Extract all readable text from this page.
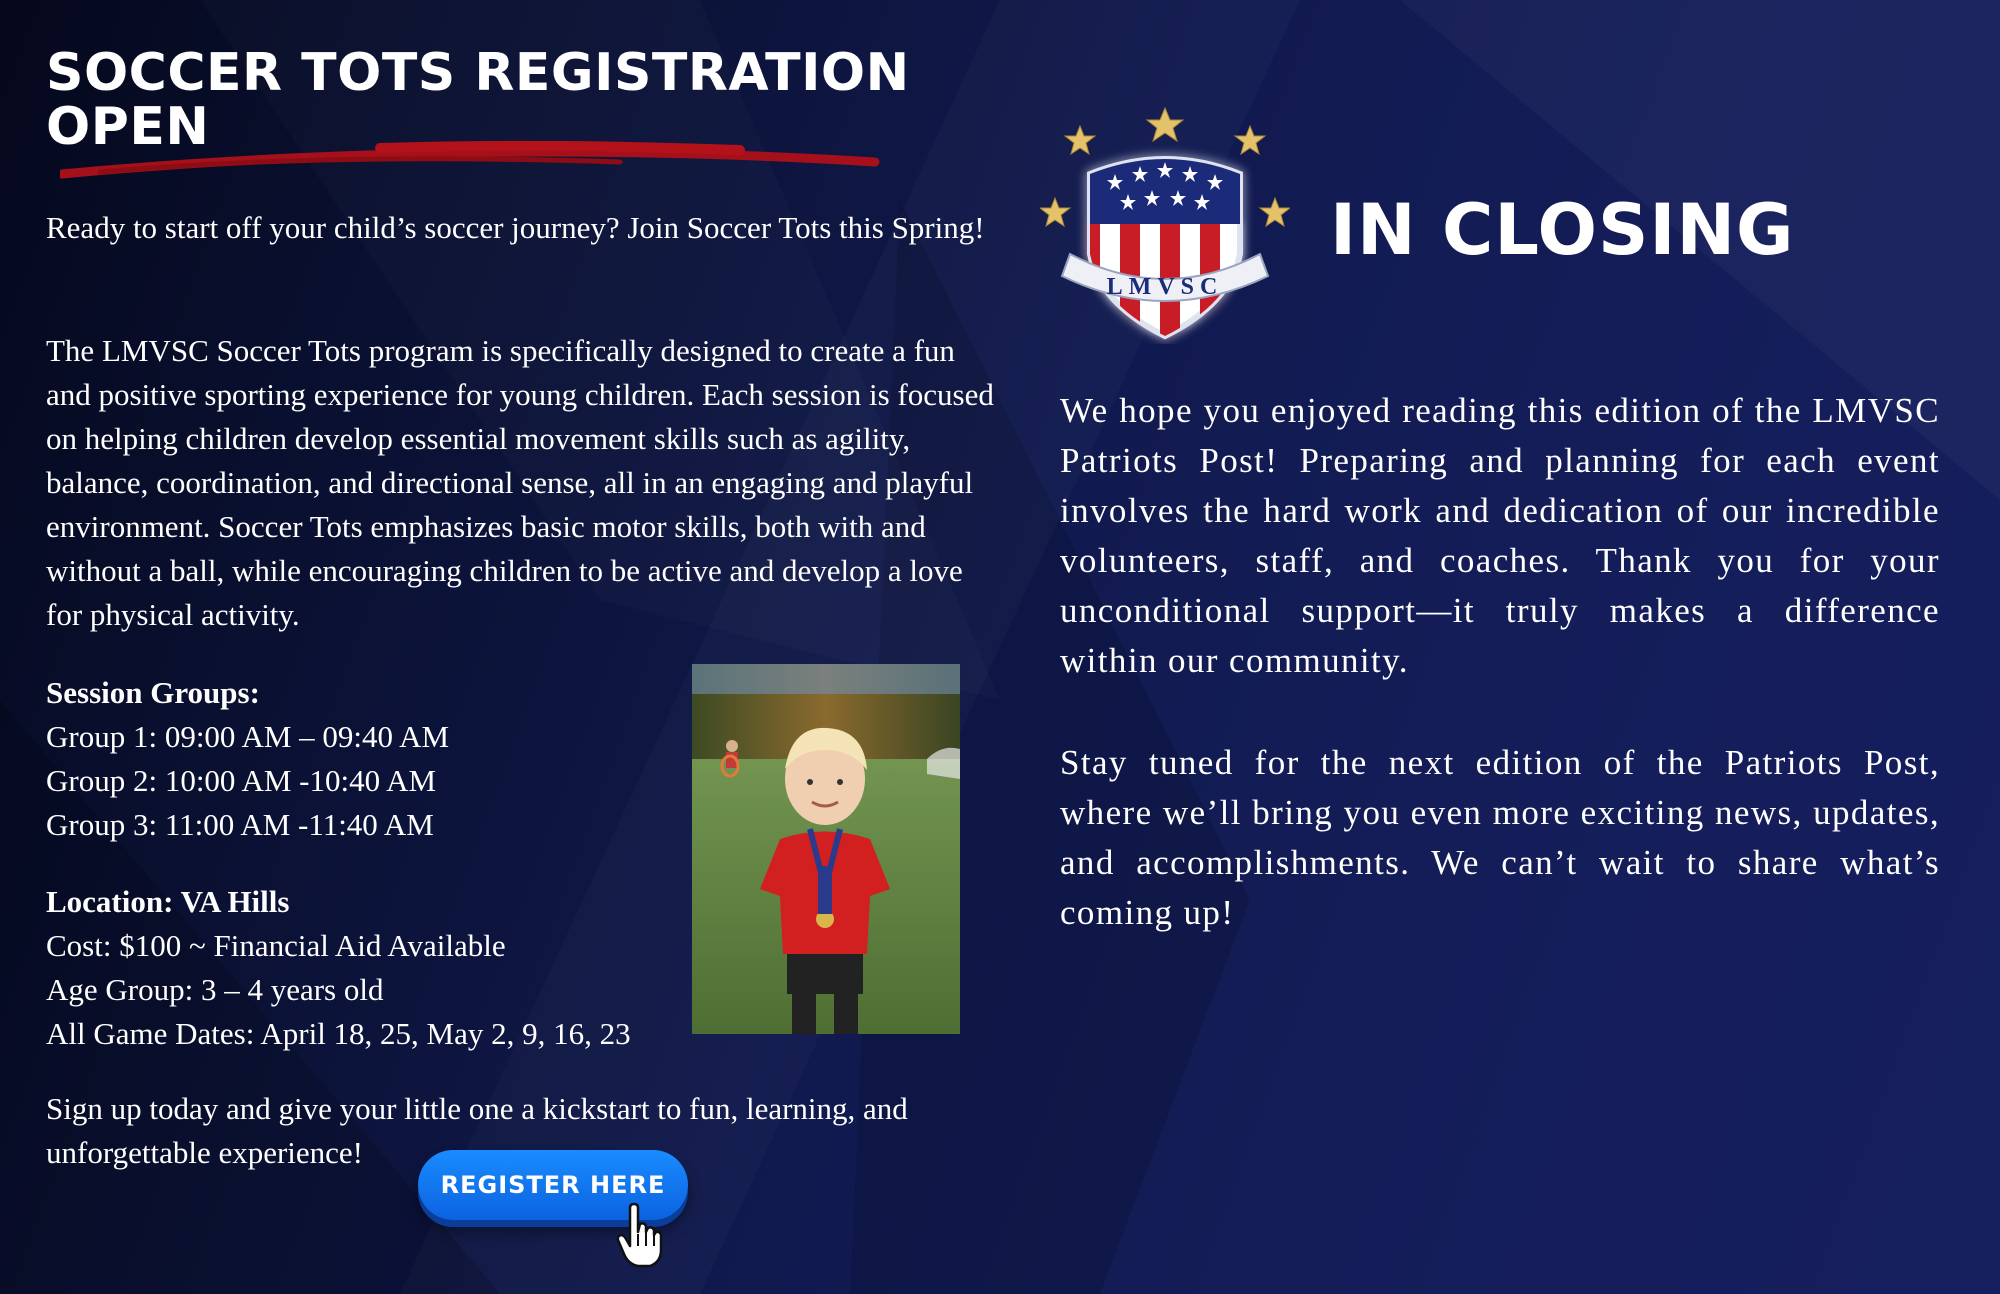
SOCCER TOTS REGISTRATION OPEN

Ready to start off your child’s soccer journey? Join Soccer Tots this Spring!

The LMVSC Soccer Tots program is specifically designed to create a fun and positive sporting experience for young children. Each session is focused on helping children develop essential movement skills such as agility, balance, coordination, and directional sense, all in an engaging and playful environment. Soccer Tots emphasizes basic motor skills, both with and without a ball, while encouraging children to be active and develop a love for physical activity.

Session Groups:
Group 1: 09:00 AM – 09:40 AM
Group 2: 10:00 AM -10:40 AM
Group 3: 11:00 AM -11:40 AM
Location: VA Hills
Cost: $100 ~ Financial Aid Available
Age Group: 3 – 4 years old
All Game Dates: April 18, 25, May 2, 9, 16, 23

Sign up today and give your little one a kickstart to fun, learning, and unforgettable experience!

REGISTER HERE
LMVSC
IN CLOSING

We hope you enjoyed reading this edition of the LMVSC Patriots Post! Preparing and planning for each event involves the hard work and dedication of our incredible volunteers, staff, and coaches. Thank you for your unconditional support—it truly makes a difference within our community.

Stay tuned for the next edition of the Patriots Post, where we’ll bring you even more exciting news, updates, and accomplishments. We can’t wait to share what’s coming up!
